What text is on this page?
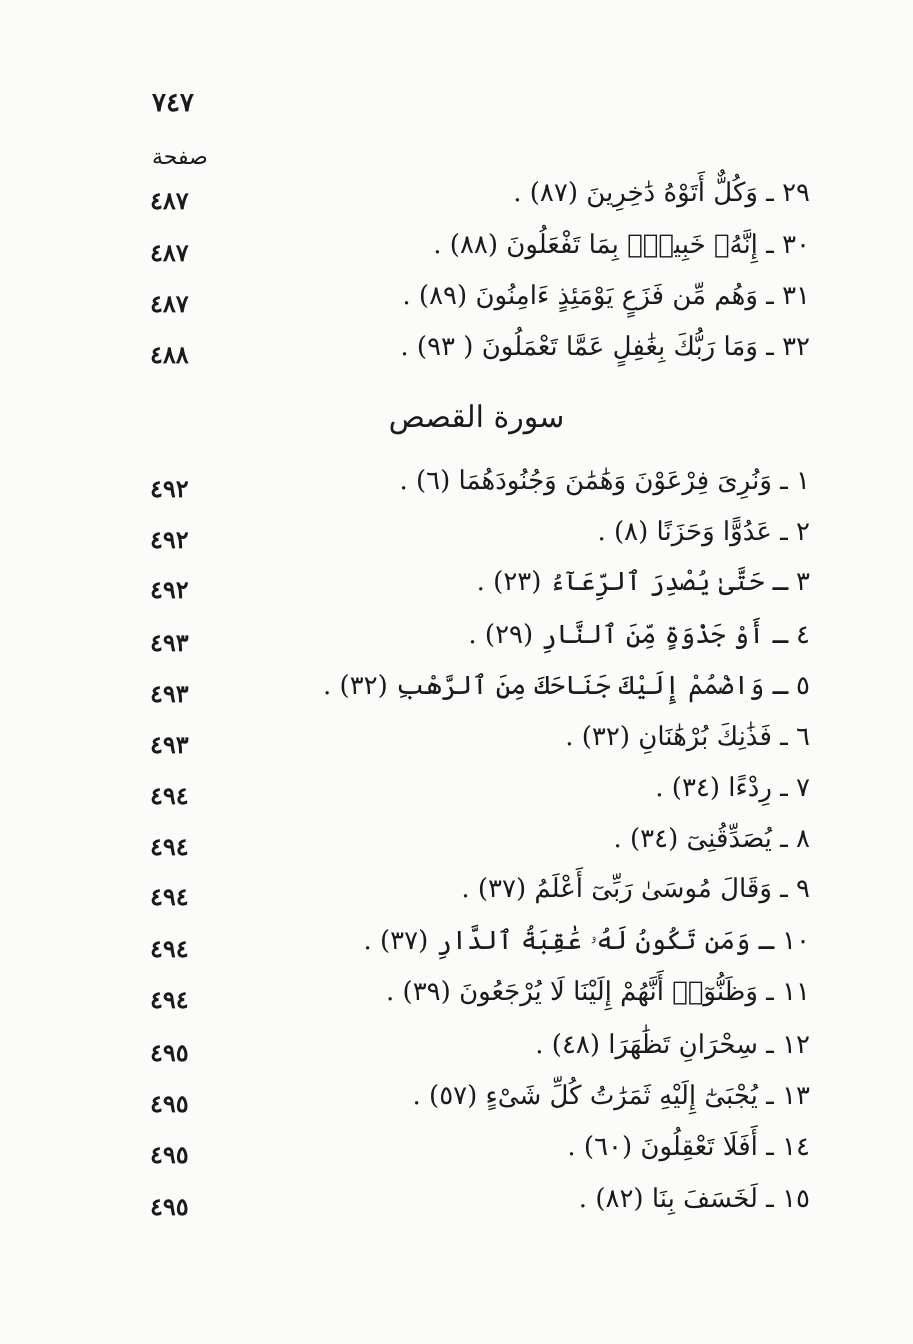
٧٤٧
صفحة
٢٩ ـ وَكُلٌّ أَتَوْهُ دَٰخِرِينَ (٨٧) .
٤٨٧
٣٠ ـ إِنَّهُۥ خَبِيرٌۢ بِمَا تَفْعَلُونَ (٨٨) .
٤٨٧
٣١ ـ وَهُم مِّن فَزَعٍ يَوْمَئِذٍ ءَامِنُونَ (٨٩) .
٤٨٧
٣٢ ـ وَمَا رَبُّكَ بِغَٰفِلٍ عَمَّا تَعْمَلُونَ ( ٩٣) .
٤٨٨
سورة القصص
١ ـ وَنُرِىَ فِرْعَوْنَ وَهَٰمَٰنَ وَجُنُودَهُمَا (٦) .
٤٩٢
٢ ـ عَدُوًّا وَحَزَنًا (٨) .
٤٩٢
٣ ـ حَتَّىٰ يُصْدِرَ ٱلرِّعَآءُ (٢٣) .
٤٩٢
٤ ـ أَوْ جَذْوَةٍ مِّنَ ٱلنَّارِ (٢٩) .
٤٩٣
٥ ـ وَاضْمُمْ إِلَيْكَ جَنَاحَكَ مِنَ ٱلرَّهْبِ (٣٢) .
٤٩٣
٦ ـ فَذَٰنِكَ بُرْهَٰنَانِ (٣٢) .
٤٩٣
٧ ـ رِدْءًا (٣٤) .
٤٩٤
٨ ـ يُصَدِّقُنِىٓ (٣٤) .
٤٩٤
٩ ـ وَقَالَ مُوسَىٰ رَبِّىٓ أَعْلَمُ (٣٧) .
٤٩٤
١٠ ـ وَمَن تَكُونُ لَهُۥ عَٰقِبَةُ ٱلدَّارِ (٣٧) .
٤٩٤
١١ ـ وَظَنُّوٓا۟ أَنَّهُمْ إِلَيْنَا لَا يُرْجَعُونَ (٣٩) .
٤٩٤
١٢ ـ سِحْرَانِ تَظَٰهَرَا (٤٨) .
٤٩٥
١٣ ـ يُجْبَىٰٓ إِلَيْهِ ثَمَرَٰتُ كُلِّ شَىْءٍ (٥٧) .
٤٩٥
١٤ ـ أَفَلَا تَعْقِلُونَ (٦٠) .
٤٩٥
١٥ ـ لَخَسَفَ بِنَا (٨٢) .
٤٩٥
